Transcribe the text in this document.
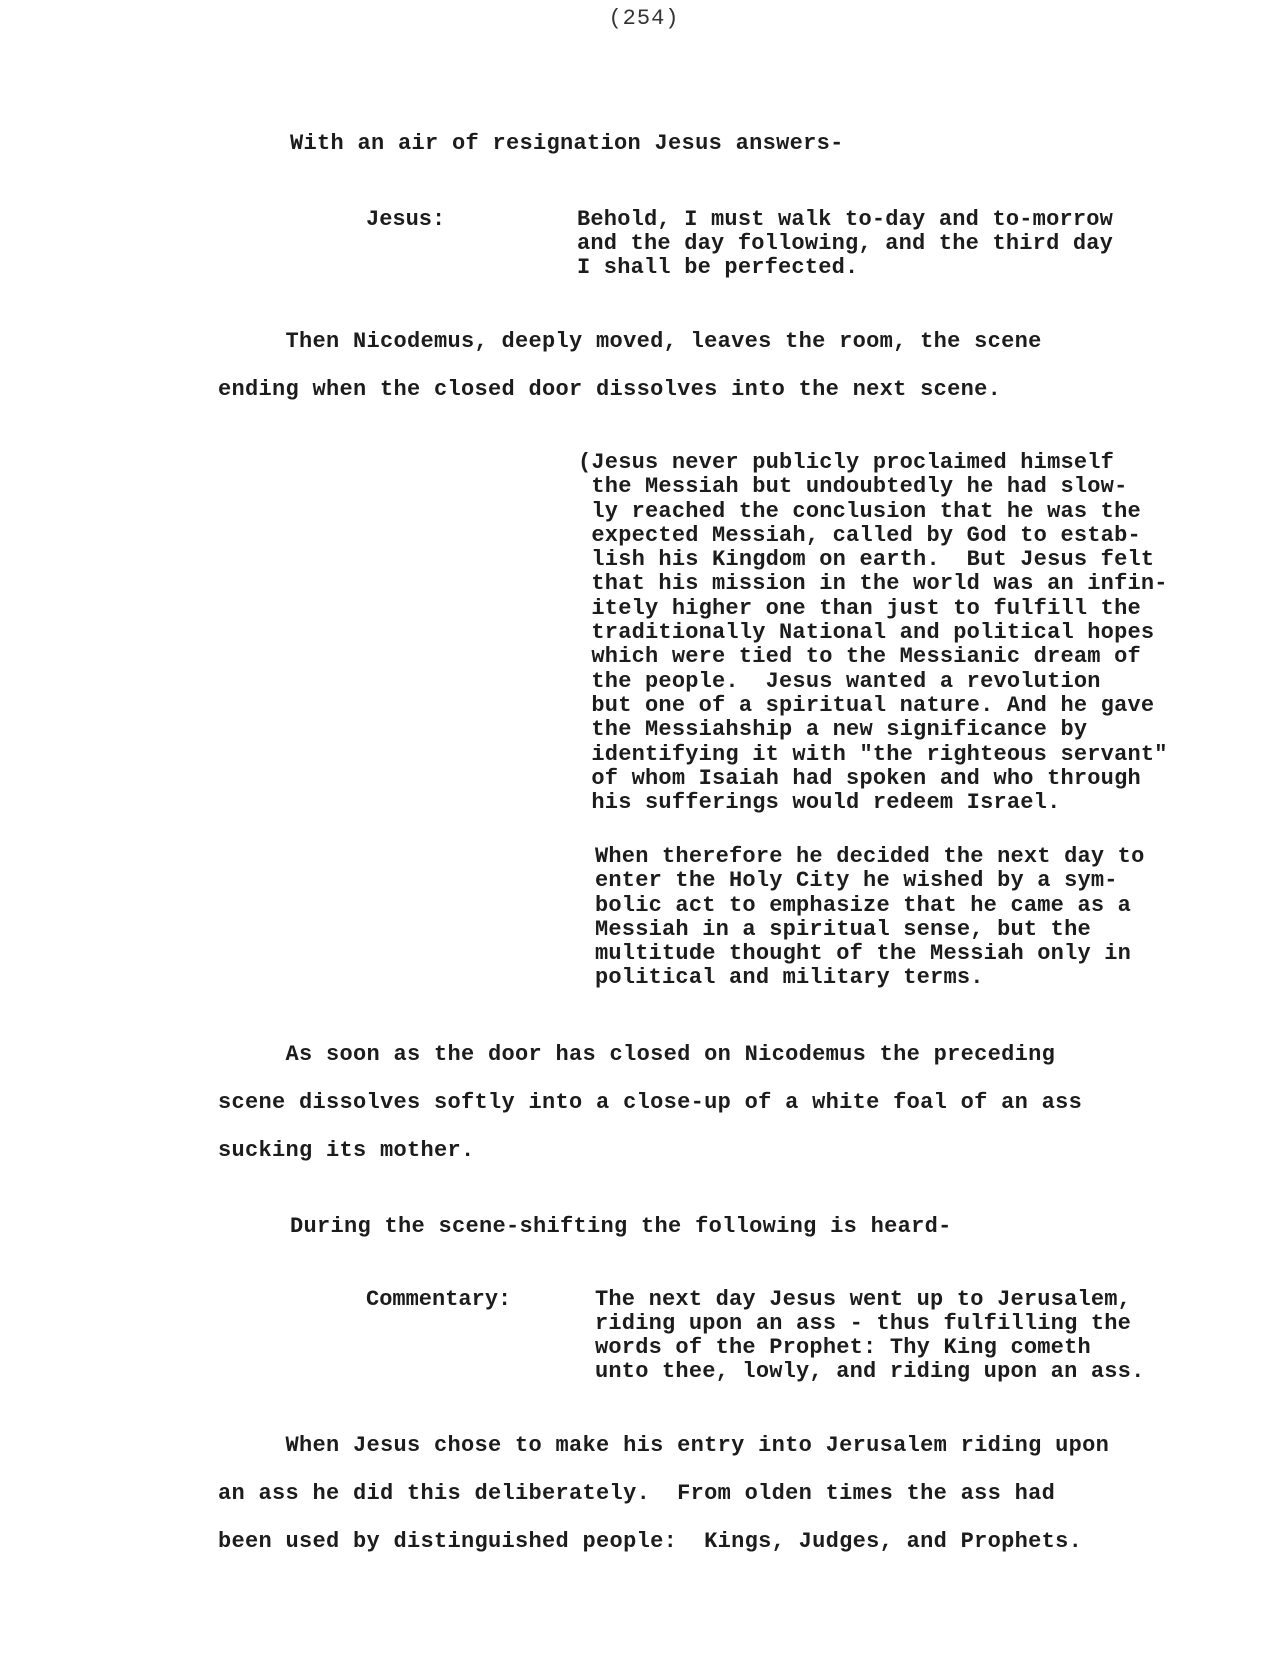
(254)
With an air of resignation Jesus answers-
Jesus:	Behold, I must walk to-day and to-morrow
and the day following, and the third day
I shall be perfected.
Then Nicodemus, deeply moved, leaves the room, the scene
ending when the closed door dissolves into the next scene.
(Jesus never publicly proclaimed himself
the Messiah but undoubtedly he had slow-
ly reached the conclusion that he was the
expected Messiah, called by God to estab-
lish his Kingdom on earth.  But Jesus felt
that his mission in the world was an infin-
itely higher one than just to fulfill the
traditionally National and political hopes
which were tied to the Messianic dream of
the people.  Jesus wanted a revolution
but one of a spiritual nature. And he gave
the Messiahship a new significance by
identifying it with "the righteous servant"
of whom Isaiah had spoken and who through
his sufferings would redeem Israel.
When therefore he decided the next day to
enter the Holy City he wished by a sym-
bolic act to emphasize that he came as a
Messiah in a spiritual sense, but the
multitude thought of the Messiah only in
political and military terms.
As soon as the door has closed on Nicodemus the preceding
scene dissolves softly into a close-up of a white foal of an ass
sucking its mother.
During the scene-shifting the following is heard-
Commentary:	The next day Jesus went up to Jerusalem,
riding upon an ass - thus fulfilling the
words of the Prophet: Thy King cometh
unto thee, lowly, and riding upon an ass.
When Jesus chose to make his entry into Jerusalem riding upon
an ass he did this deliberately.  From olden times the ass had
been used by distinguished people:  Kings, Judges, and Prophets.
